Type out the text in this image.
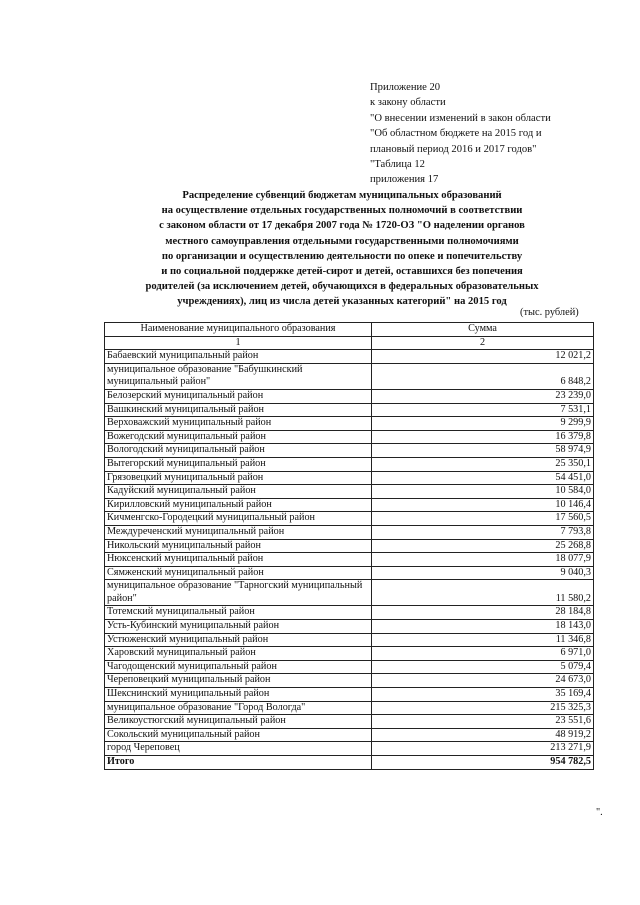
Приложение 20
к закону области
"О внесении изменений в закон области
"Об областном бюджете на 2015 год и
плановый период 2016 и 2017 годов"
"Таблица 12
приложения 17
Распределение субвенций бюджетам муниципальных образований
на осуществление отдельных государственных полномочий в соответствии
с законом области от 17 декабря 2007 года № 1720-ОЗ "О наделении органов
местного самоуправления отдельными государственными полномочиями
по организации и осуществлению деятельности по опеке и попечительству
и по социальной поддержке детей-сирот и детей, оставшихся без попечения
родителей (за исключением детей, обучающихся в федеральных образовательных
учреждениях), лиц из числа детей указанных категорий" на 2015 год
(тыс. рублей)
Наименование муниципального образования	Сумма
1	2
Бабаевский муниципальный район	12 021,2
муниципальное образование "Бабушкинский муниципальный район"	6 848,2
Белозерский муниципальный район	23 239,0
Вашкинский муниципальный район	7 531,1
Верховажский муниципальный район	9 299,9
Вожегодский муниципальный район	16 379,8
Вологодский муниципальный район	58 974,9
Вытегорский муниципальный район	25 350,1
Грязовецкий муниципальный район	54 451,0
Кадуйский муниципальный район	10 584,0
Кирилловский муниципальный район	10 146,4
Кичменгско-Городецкий муниципальный район	17 560,5
Междуреченский муниципальный район	7 793,8
Никольский муниципальный район	25 268,8
Нюксенский муниципальный район	18 077,9
Сямженский муниципальный район	9 040,3
муниципальное образование "Тарногский муниципальный район"	11 580,2
Тотемский муниципальный район	28 184,8
Усть-Кубинский муниципальный район	18 143,0
Устюженский муниципальный район	11 346,8
Харовский муниципальный район	6 971,0
Чагодощенский муниципальный район	5 079,4
Череповецкий муниципальный район	24 673,0
Шекснинский муниципальный район	35 169,4
муниципальное образование "Город Вологда"	215 325,3
Великоустюгский муниципальный район	23 551,6
Сокольский муниципальный район	48 919,2
город Череповец	213 271,9
Итого	954 782,5
".
